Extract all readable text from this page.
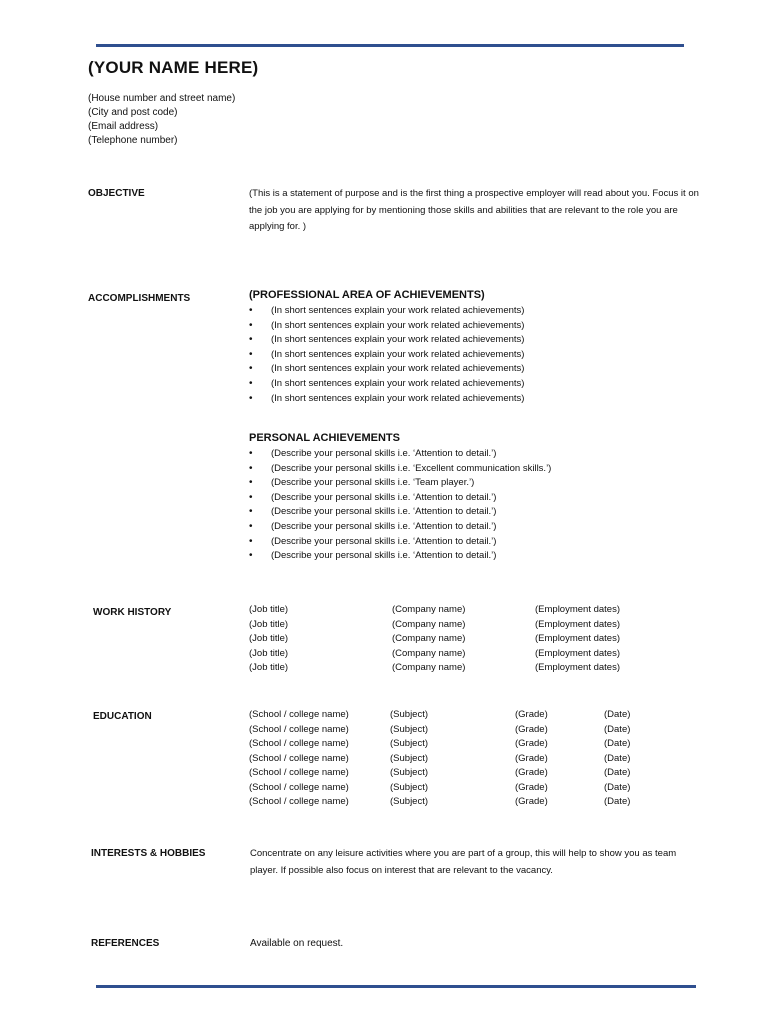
(YOUR NAME HERE)
(House number and street name)
(City and post code)
(Email address)
(Telephone number)
OBJECTIVE	(This is a statement of purpose and is the first thing a prospective employer will read about you. Focus it on the job you are applying for by mentioning those skills and abilities that are relevant to the role you are applying for. )
ACCOMPLISHMENTS	(PROFESSIONAL AREA OF ACHIEVEMENTS)
• (In short sentences explain your work related achievements)
• (In short sentences explain your work related achievements)
• (In short sentences explain your work related achievements)
• (In short sentences explain your work related achievements)
• (In short sentences explain your work related achievements)
• (In short sentences explain your work related achievements)
• (In short sentences explain your work related achievements)
PERSONAL ACHIEVEMENTS
• (Describe your personal skills i.e. ‘Attention to detail.’)
• (Describe your personal skills i.e. ‘Excellent communication skills.’)
• (Describe your personal skills i.e. ‘Team player.’)
• (Describe your personal skills i.e. ‘Attention to detail.’)
• (Describe your personal skills i.e. ‘Attention to detail.’)
• (Describe your personal skills i.e. ‘Attention to detail.’)
• (Describe your personal skills i.e. ‘Attention to detail.’)
• (Describe your personal skills i.e. ‘Attention to detail.’)
WORK HISTORY	(Job title)	(Company name)	(Employment dates)
(Job title)	(Company name)	(Employment dates)
(Job title)	(Company name)	(Employment dates)
(Job title)	(Company name)	(Employment dates)
(Job title)	(Company name)	(Employment dates)
EDUCATION	(School / college name)	(Subject)	(Grade)	(Date)
(School / college name)	(Subject)	(Grade)	(Date)
(School / college name)	(Subject)	(Grade)	(Date)
(School / college name)	(Subject)	(Grade)	(Date)
(School / college name)	(Subject)	(Grade)	(Date)
(School / college name)	(Subject)	(Grade)	(Date)
(School / college name)	(Subject)	(Grade)	(Date)
INTERESTS & HOBBIES	Concentrate on any leisure activities where you are part of a group, this will help to show you as team player. If possible also focus on interest that are relevant to the vacancy.
REFERENCES	Available on request.
